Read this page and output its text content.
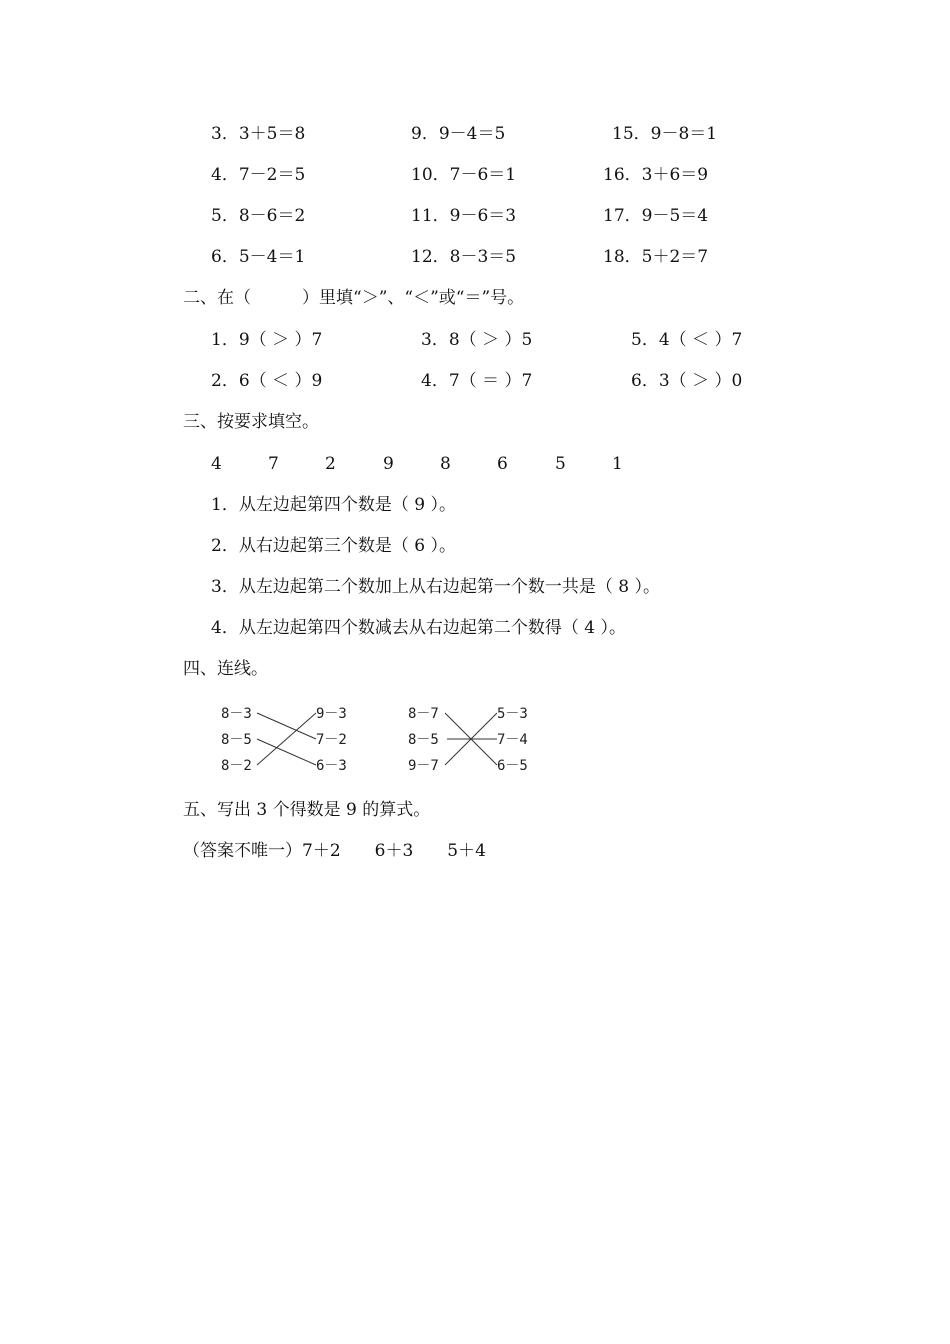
3．3＋5＝8	9．9－4＝5	15．9－8＝1
4．7－2＝5	10．7－6＝1	16．3＋6＝9
5．8－6＝2	11．9－6＝3	17．9－5＝4
6．5－4＝1	12．8－3＝5	18．5＋2＝7
二、在（　　　）里填“＞”、“＜”或“＝”号。
1．9（ ＞ ）7	3．8（ ＞ ）5	5．4（ ＜ ）7
2．6（ ＜ ）9	4．7（ ＝ ）7	6．3（ ＞ ）0
三、按要求填空。
4	7	2	9	8	6	5	1
1．从左边起第四个数是（ 9 ）。
2．从右边起第三个数是（ 6 ）。
3．从左边起第二个数加上从右边起第一个数一共是（ 8 ）。
4．从左边起第四个数减去从右边起第二个数得（ 4 ）。
四、连线。
8－3
8－5
8－2
9－3
7－2
6－3
8－7
8－5
9－7
5－3
7－4
6－5
五、写出 3 个得数是 9 的算式。
（答案不唯一）7＋2　　6＋3　　5＋4
